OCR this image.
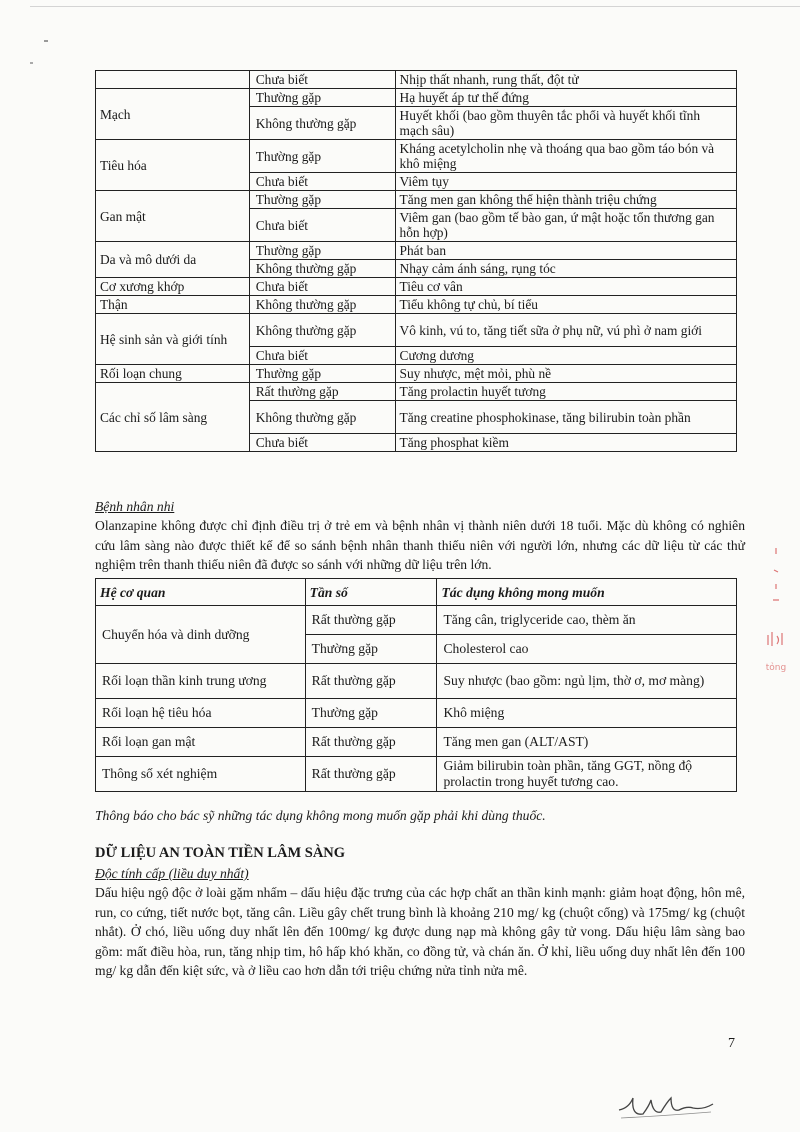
	Chưa biết	Nhịp thất nhanh, rung thất, đột tử
Mạch	Thường gặp	Hạ huyết áp tư thế đứng
	Không thường gặp	Huyết khối (bao gồm thuyên tắc phổi và huyết khối tĩnh mạch sâu)
Tiêu hóa	Thường gặp	Kháng acetylcholin nhẹ và thoáng qua bao gồm táo bón và khô miệng
	Chưa biết	Viêm tụy
Gan mật	Thường gặp	Tăng men gan không thể hiện thành triệu chứng
	Chưa biết	Viêm gan (bao gồm tế bào gan, ứ mật hoặc tổn thương gan hỗn hợp)
Da và mô dưới da	Thường gặp	Phát ban
	Không thường gặp	Nhạy cảm ánh sáng, rụng tóc
Cơ xương khớp	Chưa biết	Tiêu cơ vân
Thận	Không thường gặp	Tiểu không tự chủ, bí tiểu
Hệ sinh sản và giới tính	Không thường gặp	Vô kinh, vú to, tăng tiết sữa ở phụ nữ, vú phì ở nam giới
	Chưa biết	Cương dương
Rối loạn chung	Thường gặp	Suy nhược, mệt mỏi, phù nề
Các chỉ số lâm sàng	Rất thường gặp	Tăng prolactin huyết tương
	Không thường gặp	Tăng creatine phosphokinase, tăng bilirubin toàn phần
	Chưa biết	Tăng phosphat kiềm
Bệnh nhân nhi
Olanzapine không được chỉ định điều trị ở trẻ em và bệnh nhân vị thành niên dưới 18 tuổi. Mặc dù không có nghiên cứu lâm sàng nào được thiết kế để so sánh bệnh nhân thanh thiếu niên với người lớn, nhưng các dữ liệu từ các thử nghiệm trên thanh thiếu niên đã được so sánh với những dữ liệu trên lớn.
Hệ cơ quan	Tần số	Tác dụng không mong muốn
Chuyển hóa và dinh dưỡng	Rất thường gặp	Tăng cân, triglyceride cao, thèm ăn
	Thường gặp	Cholesterol cao
Rối loạn thần kinh trung ương	Rất thường gặp	Suy nhược (bao gồm: ngủ lịm, thờ ơ, mơ màng)
Rối loạn hệ tiêu hóa	Thường gặp	Khô miệng
Rối loạn gan mật	Rất thường gặp	Tăng men gan (ALT/AST)
Thông số xét nghiệm	Rất thường gặp	Giảm bilirubin toàn phần, tăng GGT, nồng độ prolactin trong huyết tương cao.
Thông báo cho bác sỹ những tác dụng không mong muốn gặp phải khi dùng thuốc.
DỮ LIỆU AN TOÀN TIỀN LÂM SÀNG
Độc tính cấp (liều duy nhất)
Dấu hiệu ngộ độc ở loài gặm nhấm – dấu hiệu đặc trưng của các hợp chất an thần kinh mạnh: giảm hoạt động, hôn mê, run, co cứng, tiết nước bọt, tăng cân. Liều gây chết trung bình là khoảng 210 mg/ kg (chuột cống) và 175mg/ kg (chuột nhắt). Ở chó, liều uống duy nhất lên đến 100mg/ kg được dung nạp mà không gây tử vong. Dấu hiệu lâm sàng bao gồm: mất điều hòa, run, tăng nhịp tim, hô hấp khó khăn, co đồng tử, và chán ăn. Ở khỉ, liều uống duy nhất lên đến 100 mg/ kg dẫn đến kiệt sức, và ở liều cao hơn dẫn tới triệu chứng nửa tỉnh nửa mê.
7
tỏng
